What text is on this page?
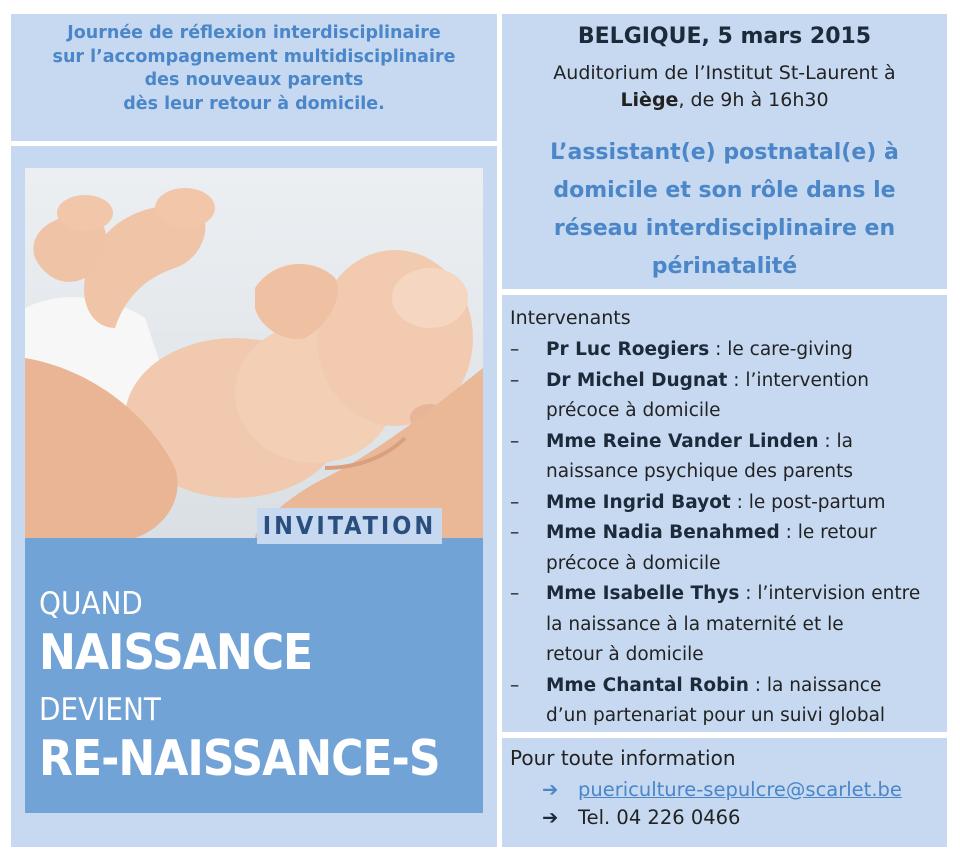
Journée de réflexion interdisciplinaire
sur l’accompagnement multidisciplinaire
des nouveaux parents
dès leur retour à domicile.
BELGIQUE, 5 mars 2015
Auditorium de l’Institut St-Laurent à
Liège, de 9h à 16h30
L’assistant(e) postnatal(e) à
domicile et son rôle dans le
réseau interdisciplinaire en
périnatalité
Intervenants
– Pr Luc Roegiers : le care-giving
– Dr Michel Dugnat : l’intervention
précoce à domicile
– Mme Reine Vander Linden : la
naissance psychique des parents
– Mme Ingrid Bayot : le post-partum
– Mme Nadia Benahmed : le retour
précoce à domicile
– Mme Isabelle Thys : l’intervision entre
la naissance à la maternité et le
retour à domicile
– Mme Chantal Robin : la naissance
d’un partenariat pour un suivi global
Pour toute information
➔ puericulture-sepulcre@scarlet.be
➔ Tel. 04 226 0466
INVITATION
QUAND
NAISSANCE
DEVIENT
RE-NAISSANCE-S
